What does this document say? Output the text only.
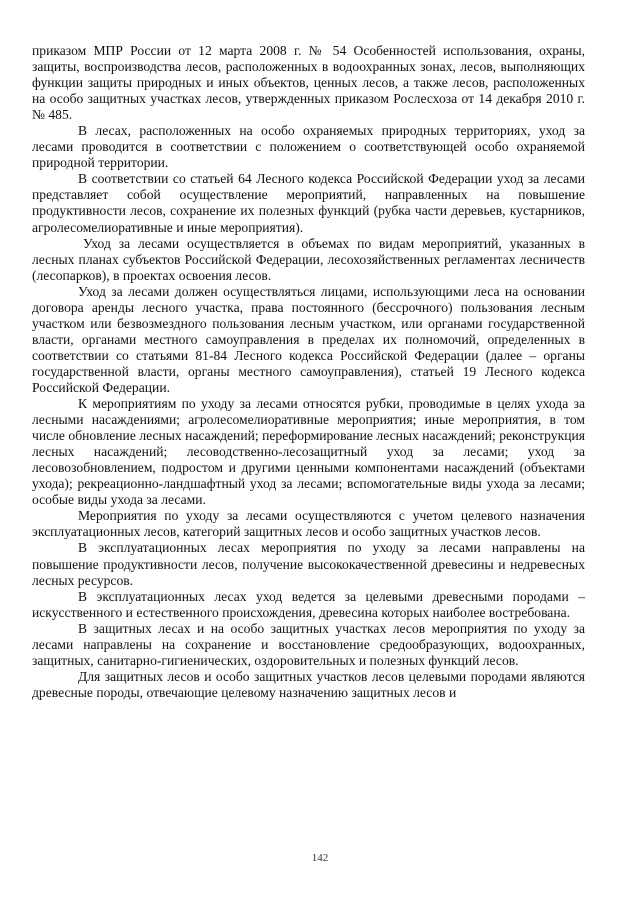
приказом МПР России от 12 марта 2008 г. № 54 Особенностей использования, охраны, защиты, воспроизводства лесов, расположенных в водоохранных зонах, лесов, выполняющих функции защиты природных и иных объектов, ценных лесов, а также лесов, расположенных на особо защитных участках лесов, утвержденных приказом Рослесхоза от 14 декабря 2010 г. № 485.

В лесах, расположенных на особо охраняемых природных территориях, уход за лесами проводится в соответствии с положением о соответствующей особо охраняемой природной территории.

В соответствии со статьей 64 Лесного кодекса Российской Федерации уход за лесами представляет собой осуществление мероприятий, направленных на повышение продуктивности лесов, сохранение их полезных функций (рубка части деревьев, кустарников, агролесомелиоративные и иные мероприятия).

Уход за лесами осуществляется в объемах по видам мероприятий, указанных в лесных планах субъектов Российской Федерации, лесохозяйственных регламентах лесничеств (лесопарков), в проектах освоения лесов.

Уход за лесами должен осуществляться лицами, использующими леса на основании договора аренды лесного участка, права постоянного (бессрочного) пользования лесным участком или безвозмездного пользования лесным участком, или органами государственной власти, органами местного самоуправления в пределах их полномочий, определенных в соответствии со статьями 81-84 Лесного кодекса Российской Федерации (далее – органы государственной власти, органы местного самоуправления), статьей 19 Лесного кодекса Российской Федерации.

К мероприятиям по уходу за лесами относятся рубки, проводимые в целях ухода за лесными насаждениями; агролесомелиоративные мероприятия; иные мероприятия, в том числе обновление лесных насаждений; переформирование лесных насаждений; реконструкция лесных насаждений; лесоводственно-лесозащитный уход за лесами; уход за лесовозобновлением, подростом и другими ценными компонентами насаждений (объектами ухода); рекреационно-ландшафтный уход за лесами; вспомогательные виды ухода за лесами; особые виды ухода за лесами.

Мероприятия по уходу за лесами осуществляются с учетом целевого назначения эксплуатационных лесов, категорий защитных лесов и особо защитных участков лесов.

В эксплуатационных лесах мероприятия по уходу за лесами направлены на повышение продуктивности лесов, получение высококачественной древесины и недревесных лесных ресурсов.

В эксплуатационных лесах уход ведется за целевыми древесными породами – искусственного и естественного происхождения, древесина которых наиболее востребована.

В защитных лесах и на особо защитных участках лесов мероприятия по уходу за лесами направлены на сохранение и восстановление средообразующих, водоохранных, защитных, санитарно-гигиенических, оздоровительных и полезных функций лесов.

Для защитных лесов и особо защитных участков лесов целевыми породами являются древесные породы, отвечающие целевому назначению защитных лесов и

142
